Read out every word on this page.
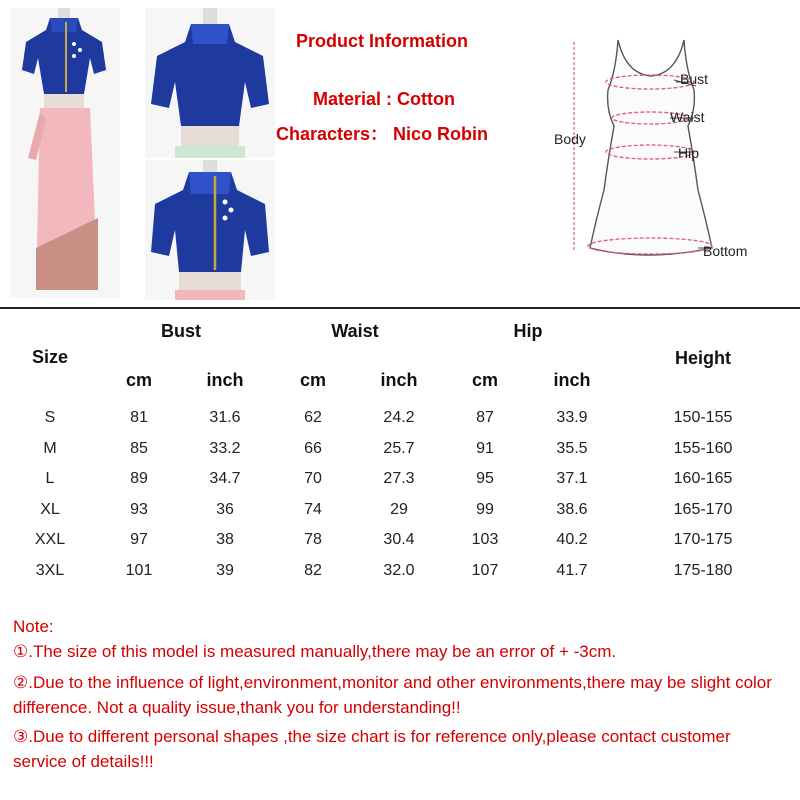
Product Information
Material : Cotton
Characters： Nico Robin	Body
Bust
Waist
Hip
Bottom
Size
Bust	Waist	Hip
Height
cm	inch	cm	inch	cm	inch
S	81	31.6	62	24.2	87	33.9	150-155
M	85	33.2	66	25.7	91	35.5	155-160
L	89	34.7	70	27.3	95	37.1	160-165
XL	93	36	74	29	99	38.6	165-170
XXL	97	38	78	30.4	103	40.2	170-175
3XL	101	39	82	32.0	107	41.7	175-180
Note:
①.The size of this model is measured manually,there may be an error of + -3cm.
②.Due to the influence of light,environment,monitor and other environments,there may be slight color difference. Not a quality issue,thank you for understanding!!
③.Due to different personal shapes ,the size chart is for reference only,please contact customer service of details!!!
